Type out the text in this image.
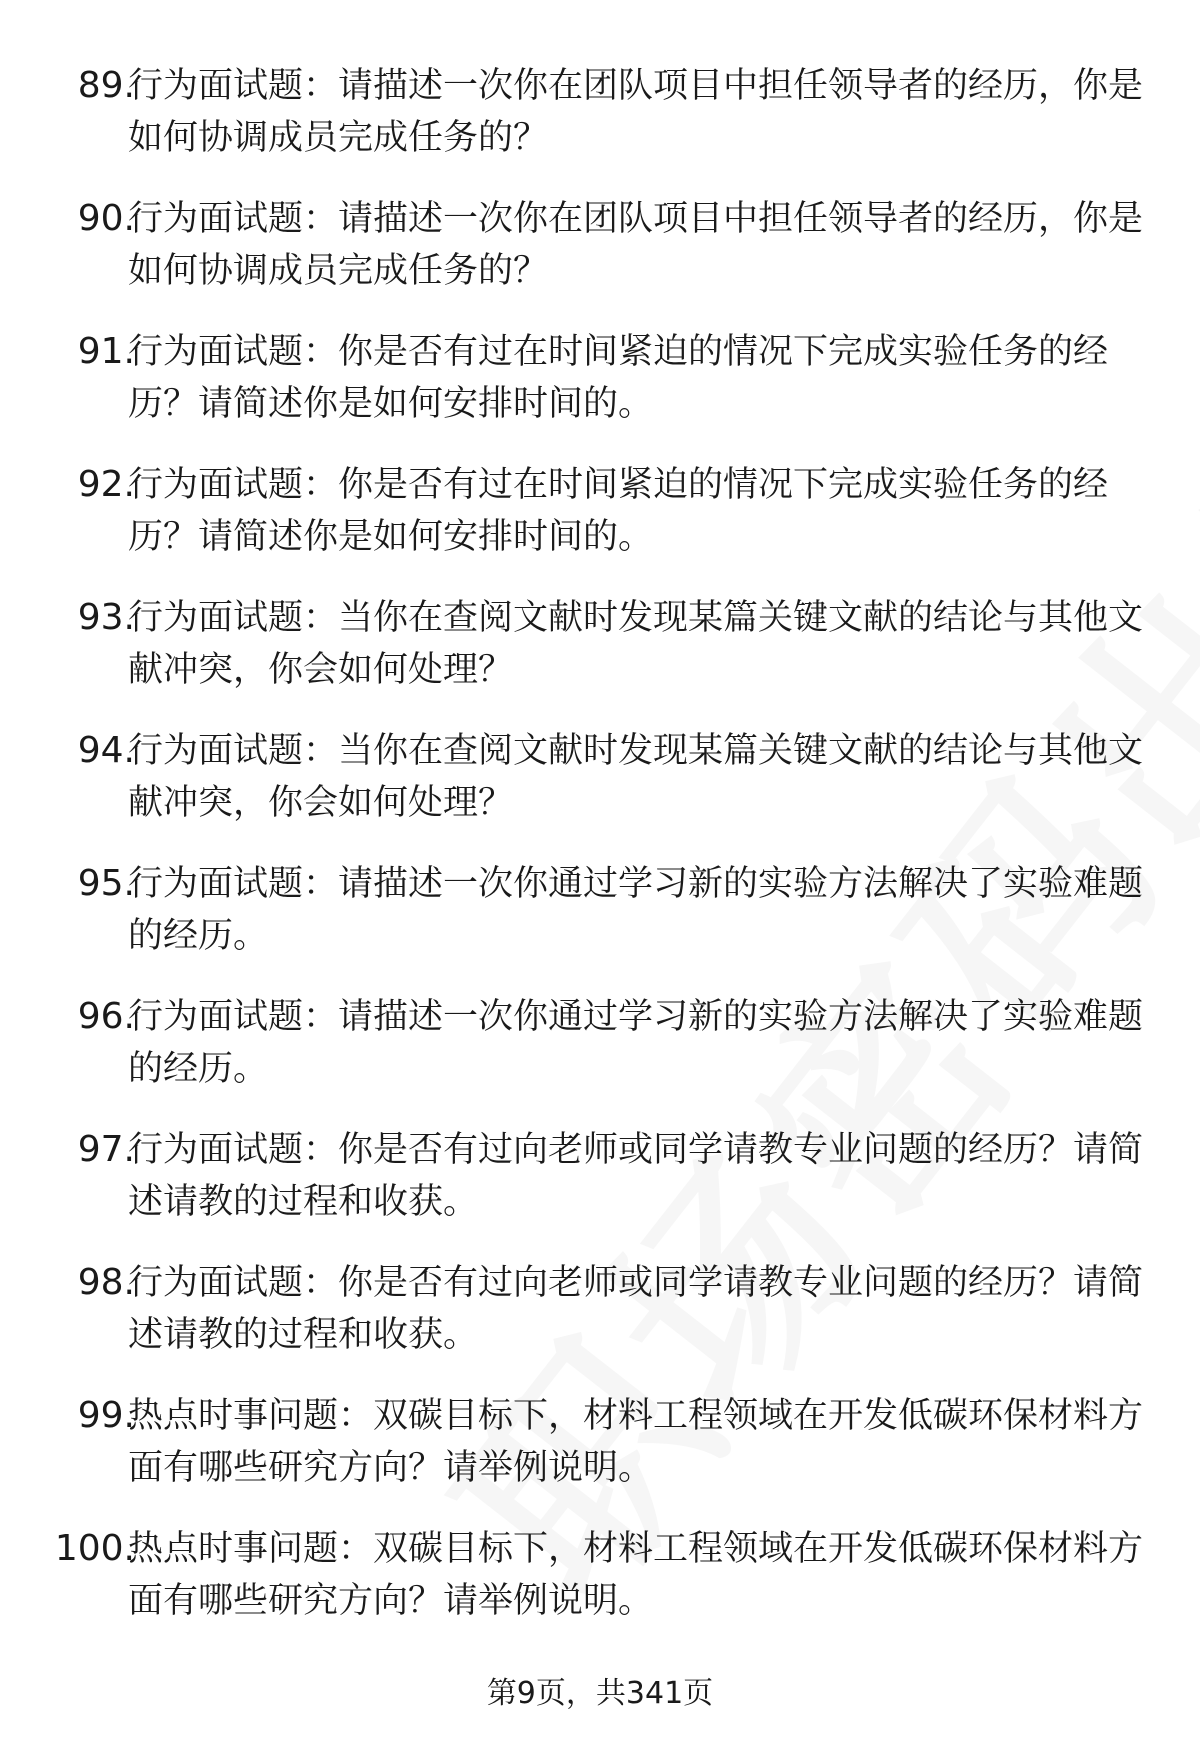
89.
行为面试题：请描述一次你在团队项目中担任领导者的经历，你是如何协调成员完成任务的？
90.
行为面试题：请描述一次你在团队项目中担任领导者的经历，你是如何协调成员完成任务的？
91.
行为面试题：你是否有过在时间紧迫的情况下完成实验任务的经历？请简述你是如何安排时间的。
92.
行为面试题：你是否有过在时间紧迫的情况下完成实验任务的经历？请简述你是如何安排时间的。
93.
行为面试题：当你在查阅文献时发现某篇关键文献的结论与其他文献冲突，你会如何处理？
94.
行为面试题：当你在查阅文献时发现某篇关键文献的结论与其他文献冲突，你会如何处理？
95.
行为面试题：请描述一次你通过学习新的实验方法解决了实验难题的经历。
96.
行为面试题：请描述一次你通过学习新的实验方法解决了实验难题的经历。
97.
行为面试题：你是否有过向老师或同学请教专业问题的经历？请简述请教的过程和收获。
98.
行为面试题：你是否有过向老师或同学请教专业问题的经历？请简述请教的过程和收获。
99.
热点时事问题：双碳目标下，材料工程领域在开发低碳环保材料方面有哪些研究方向？请举例说明。
100.
热点时事问题：双碳目标下，材料工程领域在开发低碳环保材料方面有哪些研究方向？请举例说明。
第9页，共341页
